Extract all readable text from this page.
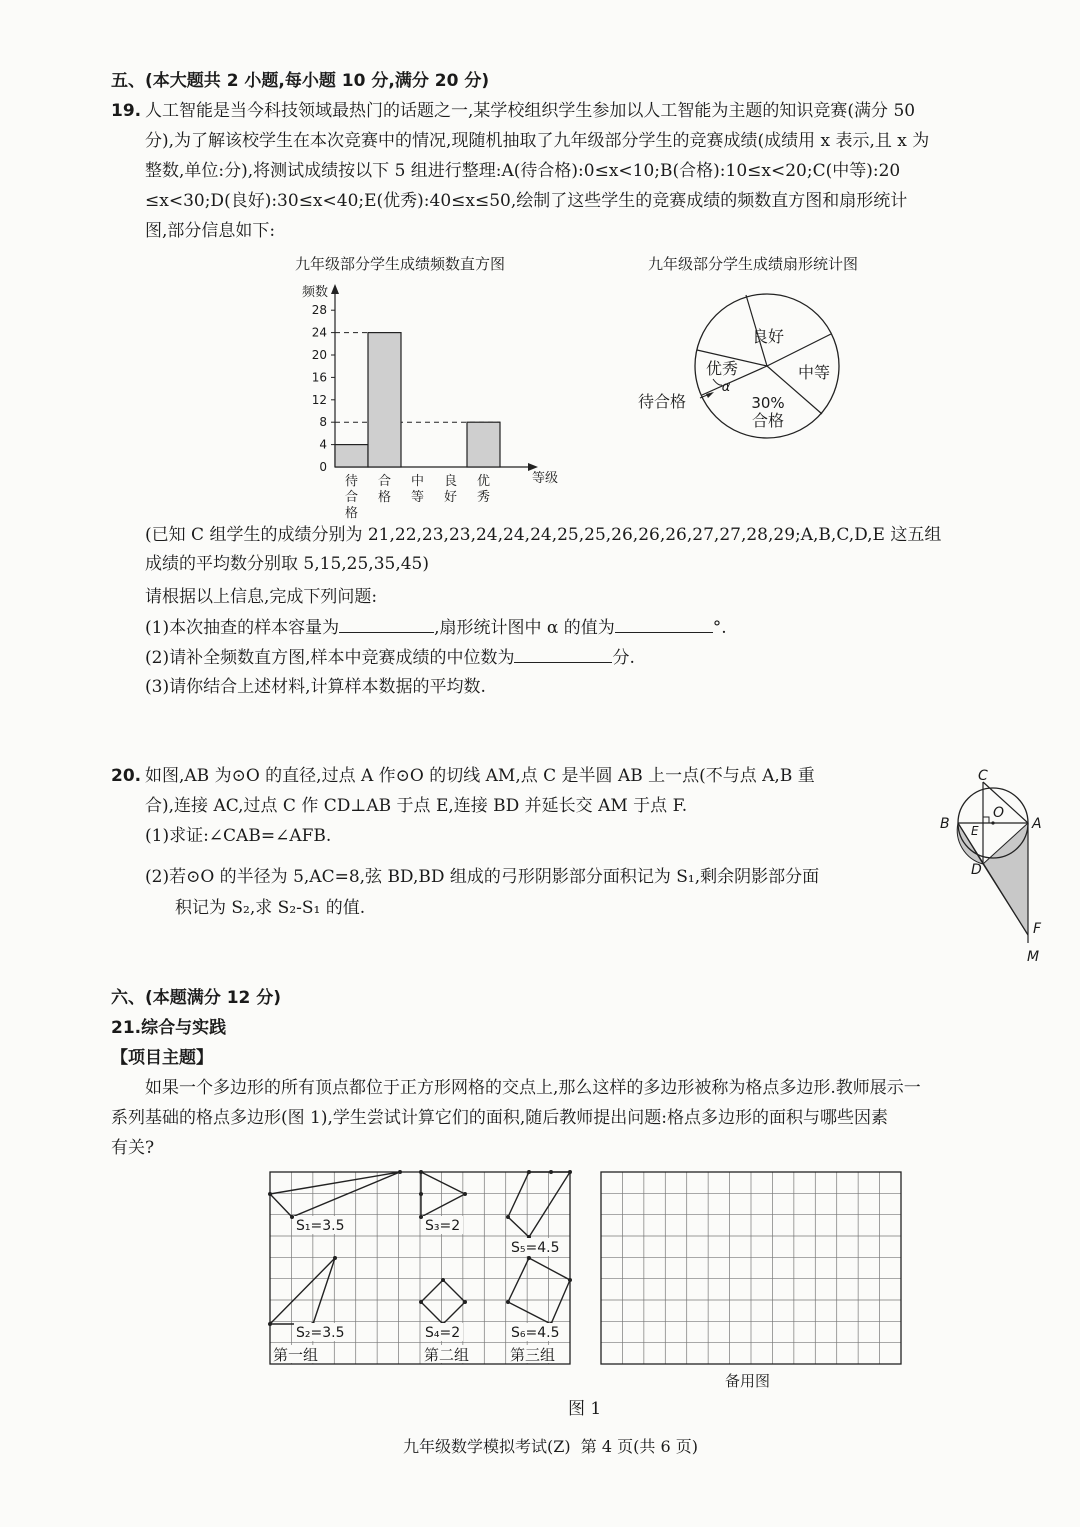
五、(本大题共 2 小题,每小题 10 分,满分 20 分)
19. 人工智能是当今科技领域最热门的话题之一,某学校组织学生参加以人工智能为主题的知识竞赛(满分 50
分),为了解该校学生在本次竞赛中的情况,现随机抽取了九年级部分学生的竞赛成绩(成绩用 x 表示,且 x 为
整数,单位:分),将测试成绩按以下 5 组进行整理:A(待合格):0≤x<10;B(合格):10≤x<20;C(中等):20
≤x<30;D(良好):30≤x<40;E(优秀):40≤x≤50,绘制了这些学生的竞赛成绩的频数直方图和扇形统计
图,部分信息如下:
九年级部分学生成绩频数直方图
频数
等级
0
4
8
12
16
20
24
28
待
合
格
合
格
中
等
良
好
优
秀
九年级部分学生成绩扇形统计图
良好
中等
30%
合格
待合格
优秀
α
(已知 C 组学生的成绩分别为 21,22,23,23,24,24,24,25,25,26,26,26,27,27,28,29;A,B,C,D,E 这五组
成绩的平均数分别取 5,15,25,35,45)
请根据以上信息,完成下列问题:
(1)本次抽查的样本容量为	,扇形统计图中 α 的值为	°.
(2)请补全频数直方图,样本中竞赛成绩的中位数为	分.
(3)请你结合上述材料,计算样本数据的平均数.
20. 如图,AB 为⊙O 的直径,过点 A 作⊙O 的切线 AM,点 C 是半圆 AB 上一点(不与点 A,B 重
合),连接 AC,过点 C 作 CD⊥AB 于点 E,连接 BD 并延长交 AM 于点 F.
(1)求证:∠CAB=∠AFB.
(2)若⊙O 的半径为 5,AC=8,弦 BD,BD 组成的弓形阴影部分面积记为 S₁,剩余阴影部分面
积记为 S₂,求 S₂-S₁ 的值.
C
O
B E	A
D
F
M
六、(本题满分 12 分)
21.综合与实践
【项目主题】
如果一个多边形的所有顶点都位于正方形网格的交点上,那么这样的多边形被称为格点多边形.教师展示一
系列基础的格点多边形(图 1),学生尝试计算它们的面积,随后教师提出问题:格点多边形的面积与哪些因素
有关?
S₁=3.5
S₂=3.5
S₃=2
S₄=2
S₅=4.5
S₆=4.5
第一组	第二组	第三组
备用图
图 1
九年级数学模拟考试(Z)  第 4 页(共 6 页)
